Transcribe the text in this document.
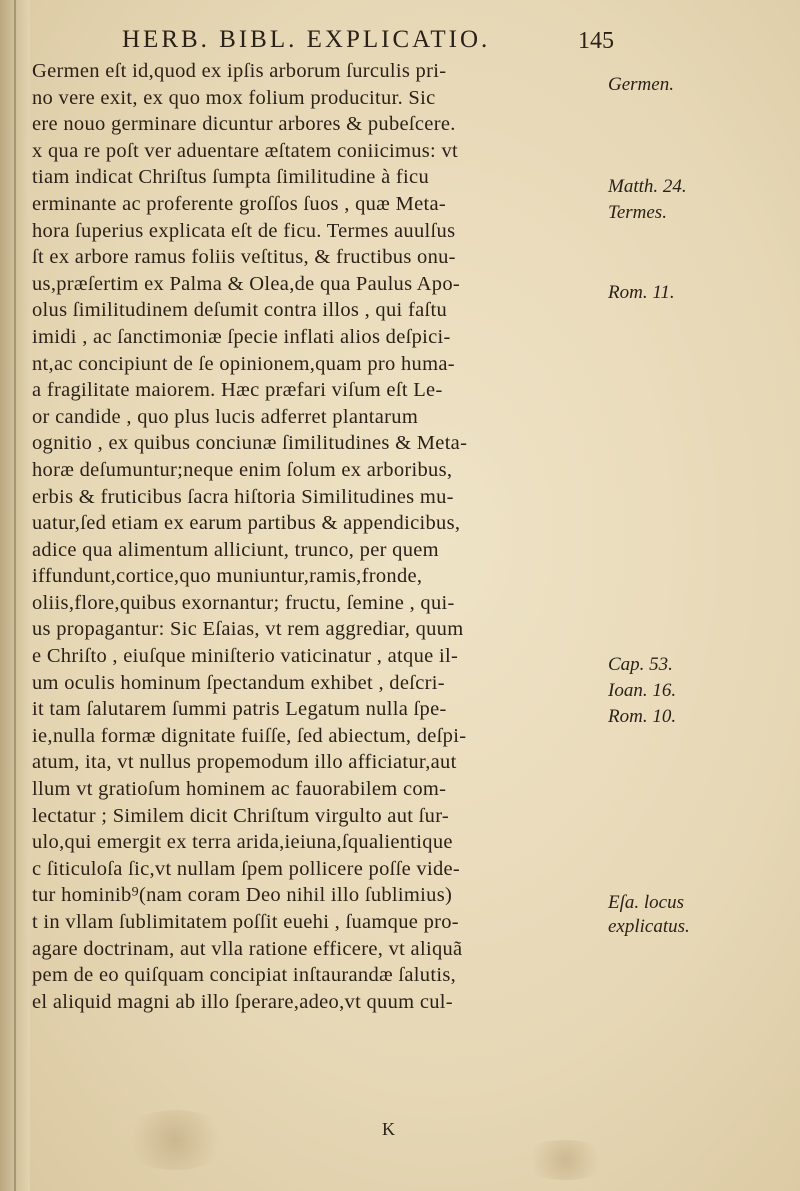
HERB. BIBL. EXPLICATIO.	145
Germen eſt id,quod ex ipſis arborum ſurculis pri-
no vere exit, ex quo mox folium producitur. Sic
ere nouo germinare dicuntur arbores & pubeſcere.
x qua re poſt ver aduentare æſtatem coniicimus: vt
tiam indicat Chriſtus ſumpta ſimilitudine à ficu
erminante ac proferente groſſos ſuos , quæ Meta-
hora ſuperius explicata eſt de ficu. Termes auulſus
ſt ex arbore ramus foliis veſtitus, & fructibus onu-
us,præſertim ex Palma & Olea,de qua Paulus Apo-
olus ſimilitudinem deſumit contra illos , qui faſtu
imidi , ac ſanctimoniæ ſpecie inflati alios deſpici-
nt,ac concipiunt de ſe opinionem,quam pro huma-
a fragilitate maiorem. Hæc præfari viſum eſt Le-
or candide , quo plus lucis adferret plantarum
ognitio , ex quibus conciunæ ſimilitudines & Meta-
horæ deſumuntur;neque enim ſolum ex arboribus,
erbis & fruticibus ſacra hiſtoria Similitudines mu-
uatur,ſed etiam ex earum partibus & appendicibus,
adice qua alimentum alliciunt, trunco, per quem
iffundunt,cortice,quo muniuntur,ramis,fronde,
oliis,flore,quibus exornantur; fructu, ſemine , qui-
us propagantur: Sic Eſaias, vt rem aggrediar, quum
e Chriſto , eiuſque miniſterio vaticinatur , atque il-
um oculis hominum ſpectandum exhibet , deſcri-
it tam ſalutarem ſummi patris Legatum nulla ſpe-
ie,nulla formæ dignitate fuiſſe, ſed abiectum, deſpi-
atum, ita, vt nullus propemodum illo afficiatur,aut
llum vt gratioſum hominem ac fauorabilem com-
lectatur ; Similem dicit Chriſtum virgulto aut ſur-
ulo,qui emergit ex terra arida,ieiuna,ſqualientique
c ſiticuloſa ſic,vt nullam ſpem pollicere poſſe vide-
tur hominib⁹(nam coram Deo nihil illo ſublimius)
t in vllam ſublimitatem poſſit euehi , ſuamque pro-
agare doctrinam, aut vlla ratione efficere, vt aliquã
pem de eo quiſquam concipiat inſtaurandæ ſalutis,
el aliquid magni ab illo ſperare,adeo,vt quum cul-
Germen.
Matth. 24.
Termes.
Rom. 11.
Cap. 53.
Ioan. 16.
Rom. 10.
Eſa. locus
explicatus.
K
